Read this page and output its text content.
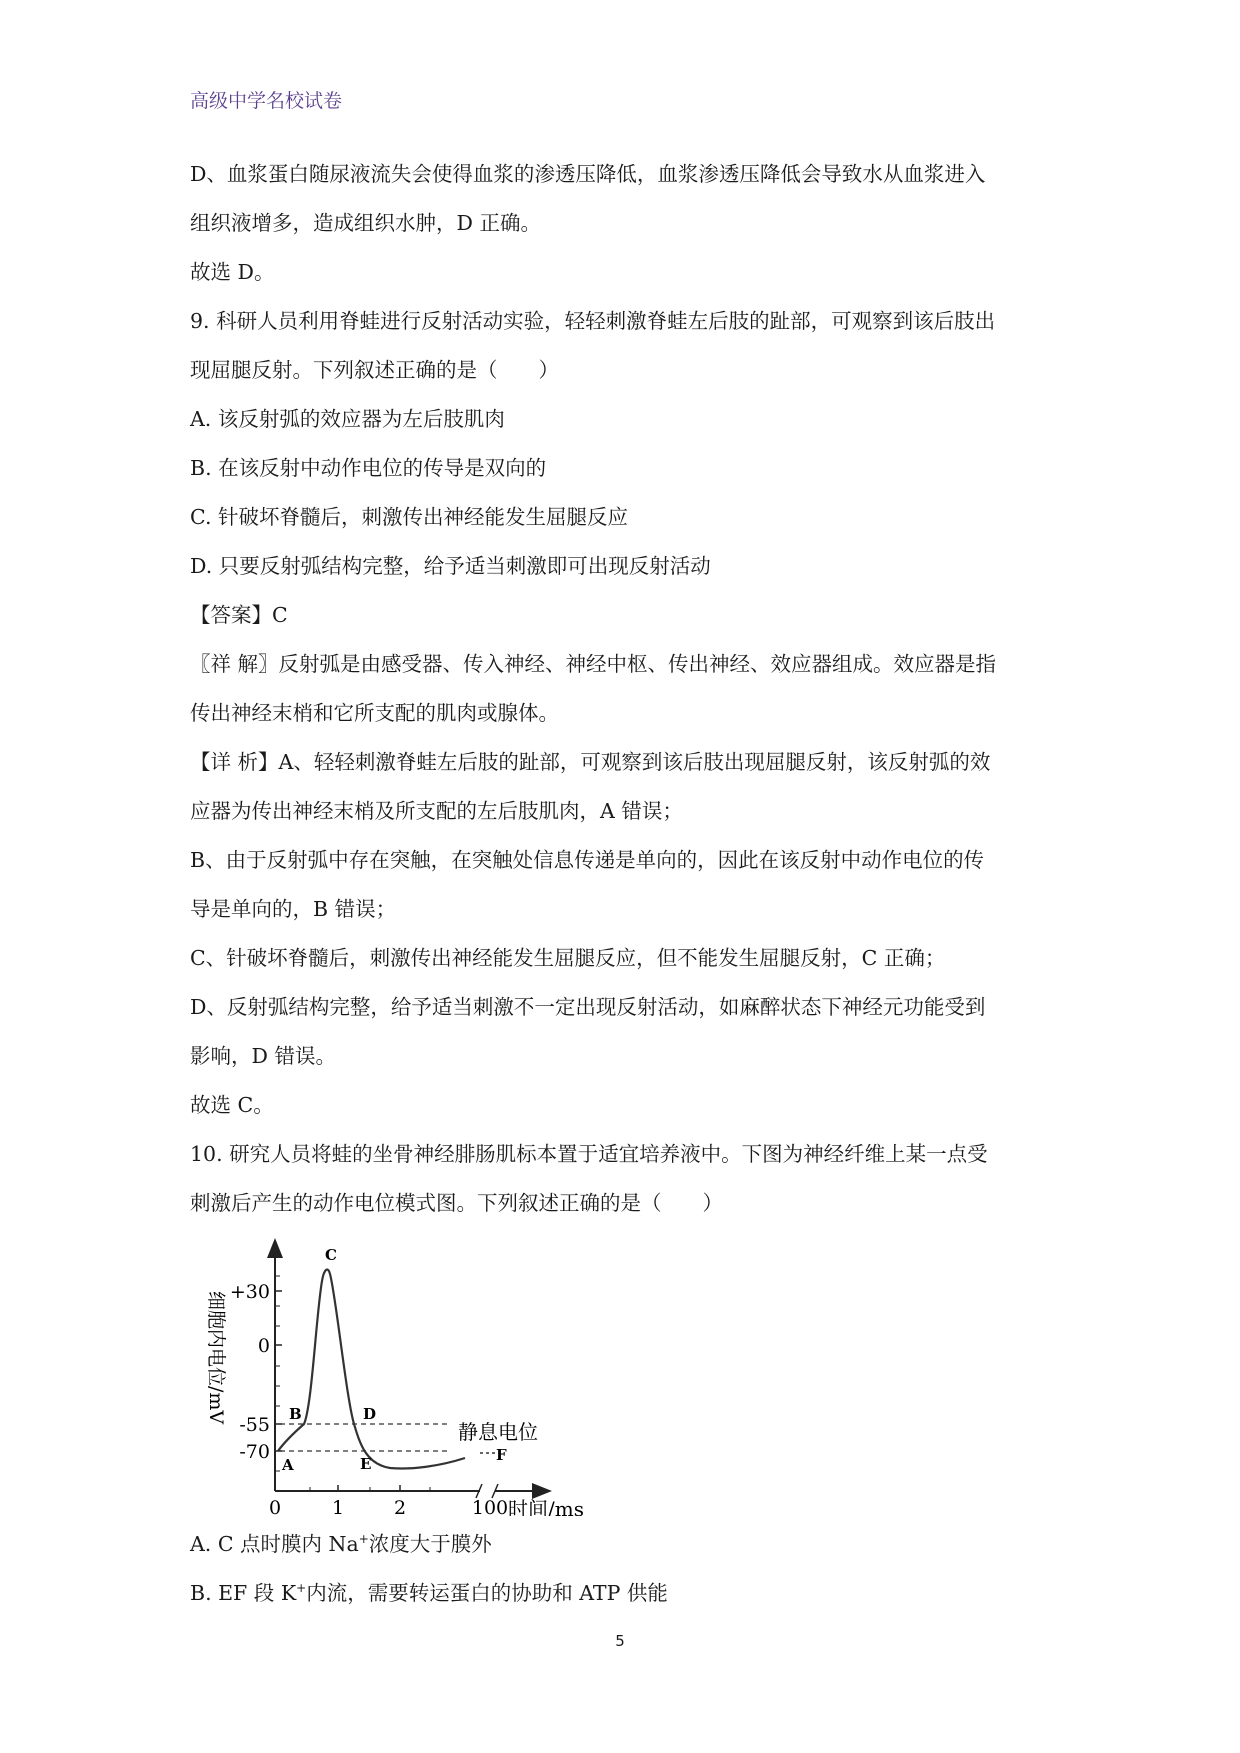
高级中学名校试卷
D、血浆蛋白随尿液流失会使得血浆的渗透压降低，血浆渗透压降低会导致水从血浆进入
组织液增多，造成组织水肿，D 正确。
故选 D。
9. 科研人员利用脊蛙进行反射活动实验，轻轻刺激脊蛙左后肢的趾部，可观察到该后肢出
现屈腿反射。下列叙述正确的是（　　）
A. 该反射弧的效应器为左后肢肌肉
B. 在该反射中动作电位的传导是双向的
C. 针破坏脊髓后，刺激传出神经能发生屈腿反应
D. 只要反射弧结构完整，给予适当刺激即可出现反射活动
【答案】C
〖祥 解〗反射弧是由感受器、传入神经、神经中枢、传出神经、效应器组成。效应器是指
传出神经末梢和它所支配的肌肉或腺体。
【详 析】A、轻轻刺激脊蛙左后肢的趾部，可观察到该后肢出现屈腿反射，该反射弧的效
应器为传出神经末梢及所支配的左后肢肌肉，A 错误；
B、由于反射弧中存在突触，在突触处信息传递是单向的，因此在该反射中动作电位的传
导是单向的，B 错误；
C、针破坏脊髓后，刺激传出神经能发生屈腿反应，但不能发生屈腿反射，C 正确；
D、反射弧结构完整，给予适当刺激不一定出现反射活动，如麻醉状态下神经元功能受到
影响，D 错误。
故选 C。
10. 研究人员将蛙的坐骨神经腓肠肌标本置于适宜培养液中。下图为神经纤维上某一点受
刺激后产生的动作电位模式图。下列叙述正确的是（　　）
+30
0
-55
-70
0	1	2	100 时间/ms
细胞内电位/mV
A
B
C
D
E	F
静息电位
A. C 点时膜内 Na+浓度大于膜外
B. EF 段 K+内流，需要转运蛋白的协助和 ATP 供能
5
